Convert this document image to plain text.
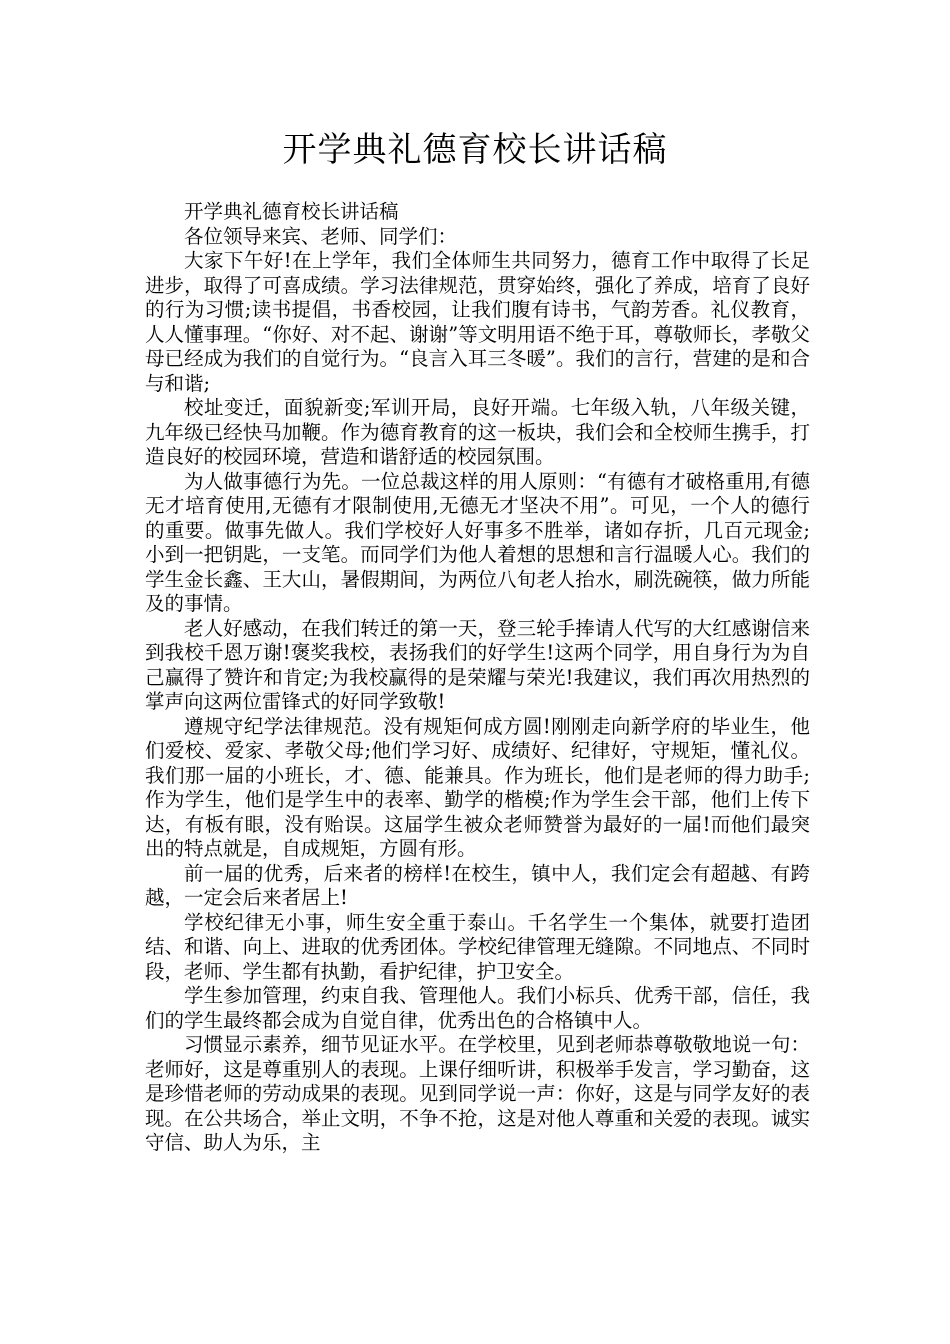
开学典礼德育校长讲话稿

开学典礼德育校长讲话稿

各位领导来宾、老师、同学们：

大家下午好!在上学年，我们全体师生共同努力，德育工作中取得了长足进步，取得了可喜成绩。学习法律规范，贯穿始终，强化了养成，培育了良好的行为习惯;读书提倡，书香校园，让我们腹有诗书，气韵芳香。礼仪教育，人人懂事理。“你好、对不起、谢谢”等文明用语不绝于耳，尊敬师长，孝敬父母已经成为我们的自觉行为。“良言入耳三冬暖”。我们的言行，营建的是和合与和谐;

校址变迁，面貌新变;军训开局，良好开端。七年级入轨，八年级关键，九年级已经快马加鞭。作为德育教育的这一板块，我们会和全校师生携手，打造良好的校园环境，营造和谐舒适的校园氛围。

为人做事德行为先。一位总裁这样的用人原则：“有德有才破格重用,有德无才培育使用,无德有才限制使用,无德无才坚决不用”。可见，一个人的德行的重要。做事先做人。我们学校好人好事多不胜举，诸如存折，几百元现金;小到一把钥匙，一支笔。而同学们为他人着想的思想和言行温暖人心。我们的学生金长鑫、王大山，暑假期间，为两位八旬老人抬水，刷洗碗筷，做力所能及的事情。

老人好感动，在我们转迁的第一天，登三轮手捧请人代写的大红感谢信来到我校千恩万谢!褒奖我校，表扬我们的好学生!这两个同学，用自身行为为自己赢得了赞许和肯定;为我校赢得的是荣耀与荣光!我建议，我们再次用热烈的掌声向这两位雷锋式的好同学致敬!

遵规守纪学法律规范。没有规矩何成方圆!刚刚走向新学府的毕业生，他们爱校、爱家、孝敬父母;他们学习好、成绩好、纪律好，守规矩，懂礼仪。我们那一届的小班长，才、德、能兼具。作为班长，他们是老师的得力助手;作为学生，他们是学生中的表率、勤学的楷模;作为学生会干部，他们上传下达，有板有眼，没有贻误。这届学生被众老师赞誉为最好的一届!而他们最突出的特点就是，自成规矩，方圆有形。

前一届的优秀，后来者的榜样!在校生，镇中人，我们定会有超越、有跨越，一定会后来者居上!

学校纪律无小事，师生安全重于泰山。千名学生一个集体，就要打造团结、和谐、向上、进取的优秀团体。学校纪律管理无缝隙。不同地点、不同时段，老师、学生都有执勤，看护纪律，护卫安全。

学生参加管理，约束自我、管理他人。我们小标兵、优秀干部，信任，我们的学生最终都会成为自觉自律，优秀出色的合格镇中人。

习惯显示素养，细节见证水平。在学校里，见到老师恭尊敬敬地说一句：老师好，这是尊重别人的表现。上课仔细听讲，积极举手发言，学习勤奋，这是珍惜老师的劳动成果的表现。见到同学说一声：你好，这是与同学友好的表现。在公共场合，举止文明，不争不抢，这是对他人尊重和关爱的表现。诚实守信、助人为乐，主
